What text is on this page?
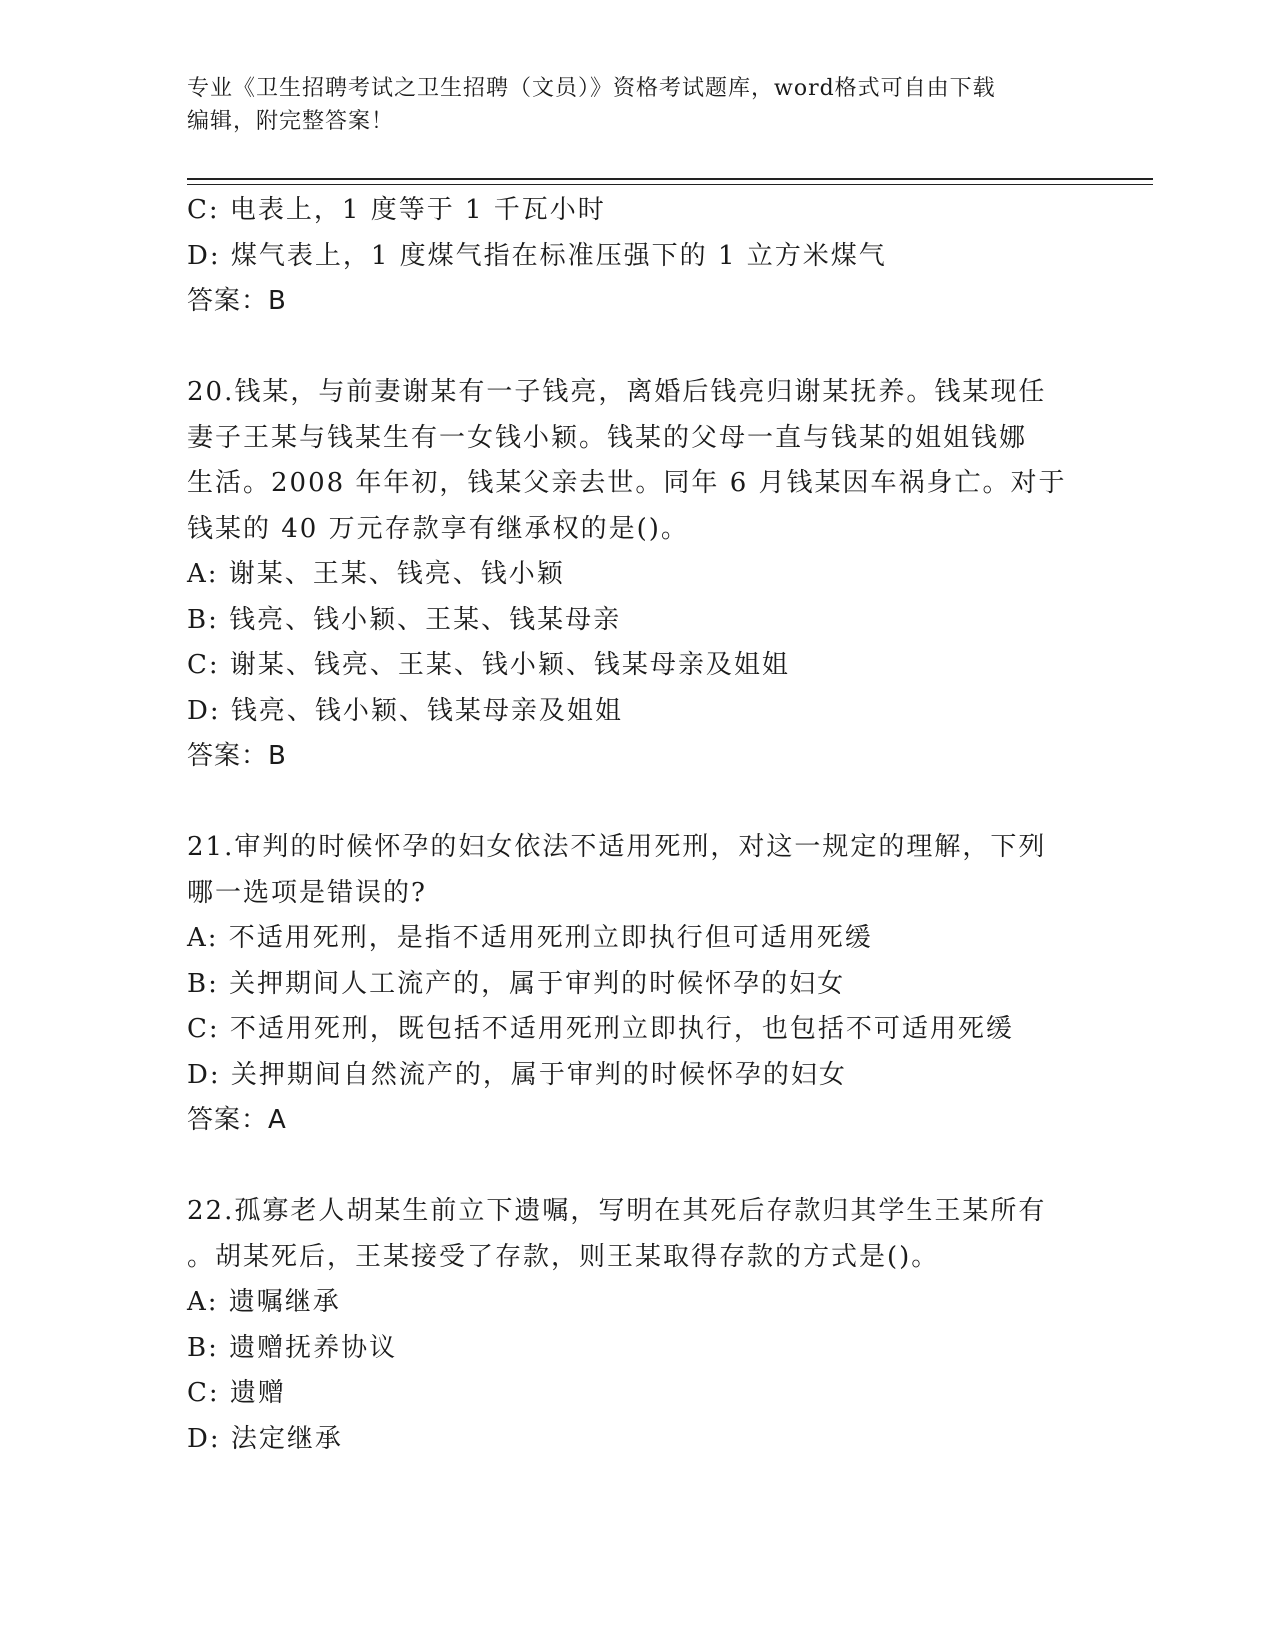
专业《卫生招聘考试之卫生招聘（文员）》资格考试题库，word格式可自由下载
编辑，附完整答案！
C: 电表上，1 度等于 1 千瓦小时
D: 煤气表上，1 度煤气指在标准压强下的 1 立方米煤气
答案：B
20.钱某，与前妻谢某有一子钱亮，离婚后钱亮归谢某抚养。钱某现任
妻子王某与钱某生有一女钱小颖。钱某的父母一直与钱某的姐姐钱娜
生活。2008 年年初，钱某父亲去世。同年 6 月钱某因车祸身亡。对于
钱某的 40 万元存款享有继承权的是()。
A: 谢某、王某、钱亮、钱小颖
B: 钱亮、钱小颖、王某、钱某母亲
C: 谢某、钱亮、王某、钱小颖、钱某母亲及姐姐
D: 钱亮、钱小颖、钱某母亲及姐姐
答案：B
21.审判的时候怀孕的妇女依法不适用死刑，对这一规定的理解，下列
哪一选项是错误的?
A: 不适用死刑，是指不适用死刑立即执行但可适用死缓
B: 关押期间人工流产的，属于审判的时候怀孕的妇女
C: 不适用死刑，既包括不适用死刑立即执行，也包括不可适用死缓
D: 关押期间自然流产的，属于审判的时候怀孕的妇女
答案：A
22.孤寡老人胡某生前立下遗嘱，写明在其死后存款归其学生王某所有
。胡某死后，王某接受了存款，则王某取得存款的方式是()。
A: 遗嘱继承
B: 遗赠抚养协议
C: 遗赠
D: 法定继承
